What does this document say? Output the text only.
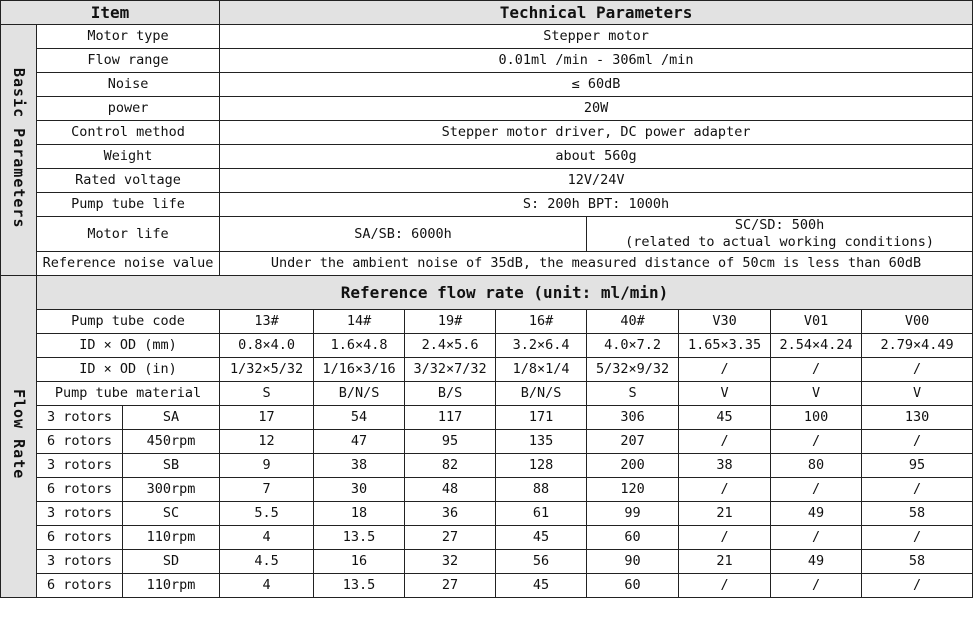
Item			Technical Parameters							
Basic Parameters	Motor type		Stepper motor							
	Flow range		0.01ml /min - 306ml /min							
	Noise		≤ 60dB							
	power		20W							
	Control method		Stepper motor driver, DC power adapter							
	Weight		about 560g							
	Rated voltage		12V/24V							
	Pump tube life		S: 200h BPT: 1000h							
	Motor life		SA/SB: 6000h				SC/SD: 500h
(related to actual working conditions)			

	Reference noise value		Under the ambient noise of 35dB, the measured distance of 50cm is less than 60dB							
Flow Rate	Reference flow rate (unit: ml/min)									
	Pump tube code		13#	14#	19#	16#	40#	V30	V01	V00
	ID × OD (mm)		0.8×4.0	1.6×4.8	2.4×5.6	3.2×6.4	4.0×7.2	1.65×3.35	2.54×4.24	2.79×4.49
	ID × OD (in)		1/32×5/32	1/16×3/16	3/32×7/32	1/8×1/4	5/32×9/32	/	/	/
	Pump tube material		S	B/N/S	B/S	B/N/S	S	V	V	V
	3 rotors	SA	17	54	117	171	306	45	100	130
	6 rotors	450rpm	12	47	95	135	207	/	/	/
	3 rotors	SB	9	38	82	128	200	38	80	95
	6 rotors	300rpm	7	30	48	88	120	/	/	/
	3 rotors	SC	5.5	18	36	61	99	21	49	58
	6 rotors	110rpm	4	13.5	27	45	60	/	/	/
	3 rotors	SD	4.5	16	32	56	90	21	49	58
	6 rotors	110rpm	4	13.5	27	45	60	/	/	/
